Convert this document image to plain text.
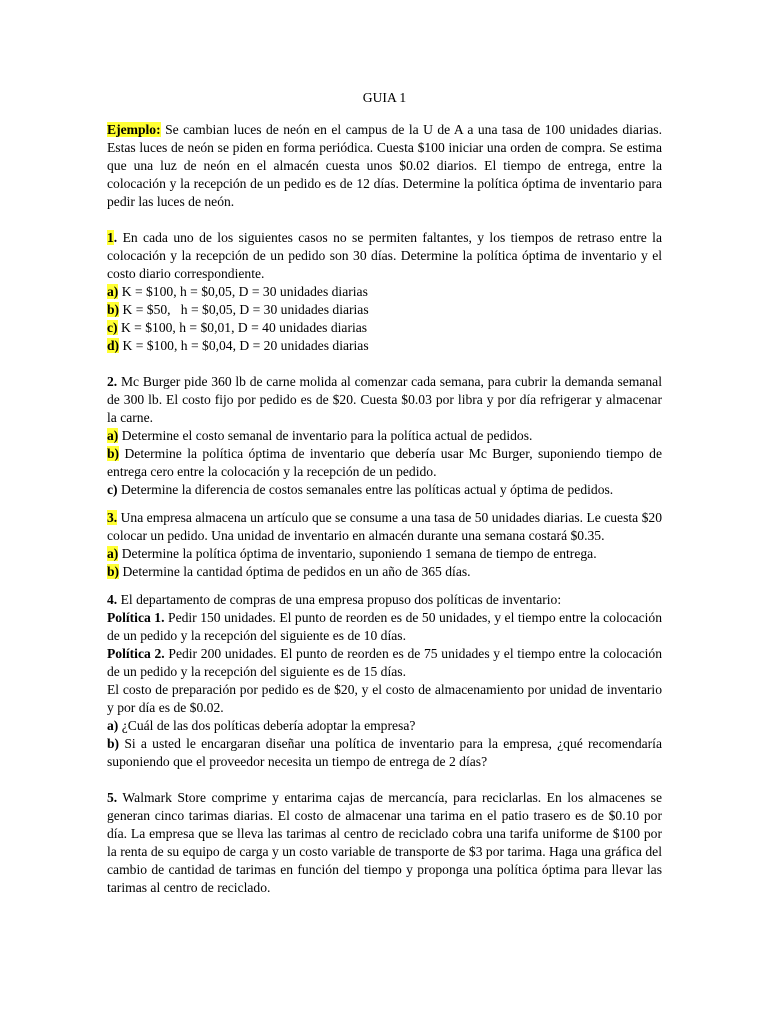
GUIA 1

Ejemplo: Se cambian luces de neón en el campus de la U de A a una tasa de 100 unidades diarias. Estas luces de neón se piden en forma periódica. Cuesta $100 iniciar una orden de compra. Se estima que una luz de neón en el almacén cuesta unos $0.02 diarios. El tiempo de entrega, entre la colocación y la recepción de un pedido es de 12 días. Determine la política óptima de inventario para pedir las luces de neón.

1. En cada uno de los siguientes casos no se permiten faltantes, y los tiempos de retraso entre la colocación y la recepción de un pedido son 30 días. Determine la política óptima de inventario y el costo diario correspondiente.

a) K = $100, h = $0,05, D = 30 unidades diarias

b) K = $50,   h = $0,05, D = 30 unidades diarias

c) K = $100, h = $0,01, D = 40 unidades diarias

d) K = $100, h = $0,04, D = 20 unidades diarias

2. Mc Burger pide 360 lb de carne molida al comenzar cada semana, para cubrir la demanda semanal de 300 lb. El costo fijo por pedido es de $20. Cuesta $0.03 por libra y por día refrigerar y almacenar la carne.

a) Determine el costo semanal de inventario para la política actual de pedidos.

b) Determine la política óptima de inventario que debería usar Mc Burger, suponiendo tiempo de entrega cero entre la colocación y la recepción de un pedido.

c) Determine la diferencia de costos semanales entre las políticas actual y óptima de pedidos.

3. Una empresa almacena un artículo que se consume a una tasa de 50 unidades diarias. Le cuesta $20 colocar un pedido. Una unidad de inventario en almacén durante una semana costará $0.35.

a) Determine la política óptima de inventario, suponiendo 1 semana de tiempo de entrega.

b) Determine la cantidad óptima de pedidos en un año de 365 días.

4. El departamento de compras de una empresa propuso dos políticas de inventario:

Política 1. Pedir 150 unidades. El punto de reorden es de 50 unidades, y el tiempo entre la colocación de un pedido y la recepción del siguiente es de 10 días.

Política 2. Pedir 200 unidades. El punto de reorden es de 75 unidades y el tiempo entre la colocación de un pedido y la recepción del siguiente es de 15 días.

El costo de preparación por pedido es de $20, y el costo de almacenamiento por unidad de inventario y por día es de $0.02.

a) ¿Cuál de las dos políticas debería adoptar la empresa?

b) Si a usted le encargaran diseñar una política de inventario para la empresa, ¿qué recomendaría suponiendo que el proveedor necesita un tiempo de entrega de 2 días?

5. Walmark Store comprime y entarima cajas de mercancía, para reciclarlas. En los almacenes se generan cinco tarimas diarias. El costo de almacenar una tarima en el patio trasero es de $0.10 por día. La empresa que se lleva las tarimas al centro de reciclado cobra una tarifa uniforme de $100 por la renta de su equipo de carga y un costo variable de transporte de $3 por tarima. Haga una gráfica del cambio de cantidad de tarimas en función del tiempo y proponga una política óptima para llevar las tarimas al centro de reciclado.
